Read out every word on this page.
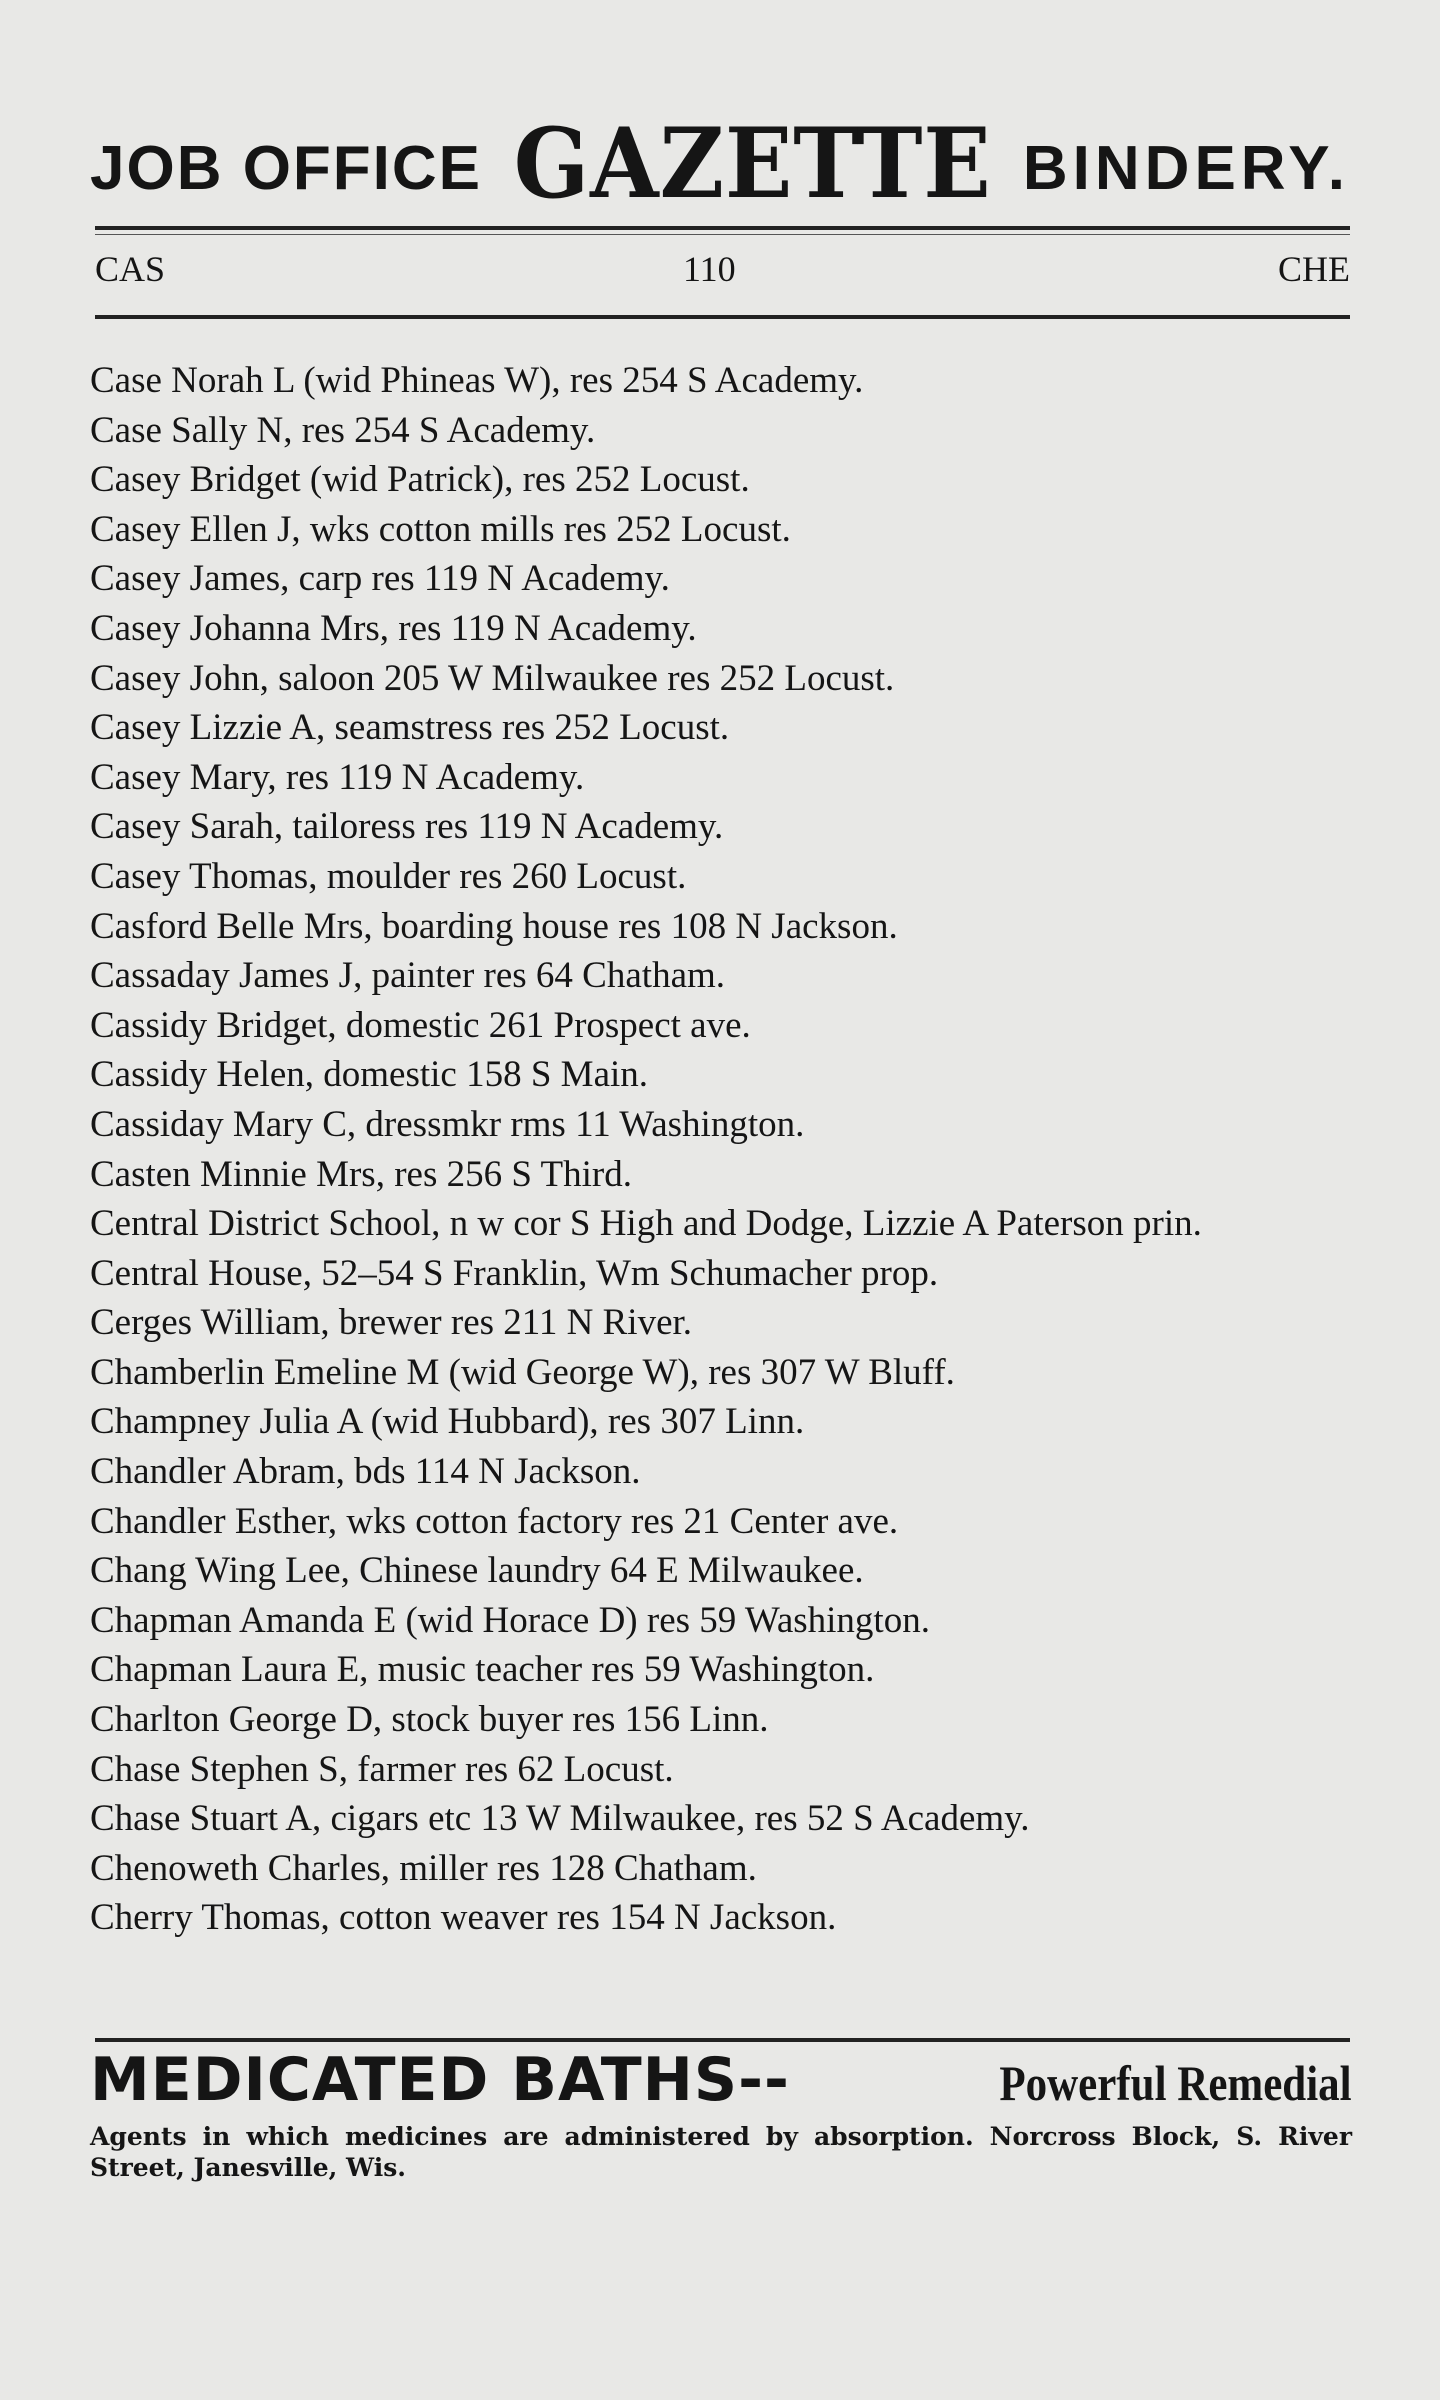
JOB OFFICE GAZETTE BINDERY.
CAS	110	CHE
Case Norah L (wid Phineas W), res 254 S Academy.
Case Sally N, res 254 S Academy.
Casey Bridget (wid Patrick), res 252 Locust.
Casey Ellen J, wks cotton mills res 252 Locust.
Casey James, carp res 119 N Academy.
Casey Johanna Mrs, res 119 N Academy.
Casey John, saloon 205 W Milwaukee res 252 Locust.
Casey Lizzie A, seamstress res 252 Locust.
Casey Mary, res 119 N Academy.
Casey Sarah, tailoress res 119 N Academy.
Casey Thomas, moulder res 260 Locust.
Casford Belle Mrs, boarding house res 108 N Jackson.
Cassaday James J, painter res 64 Chatham.
Cassidy Bridget, domestic 261 Prospect ave.
Cassidy Helen, domestic 158 S Main.
Cassiday Mary C, dressmkr rms 11 Washington.
Casten Minnie Mrs, res 256 S Third.
Central District School, n w cor S High and Dodge, Lizzie A Paterson prin.
Central House, 52–54 S Franklin, Wm Schumacher prop.
Cerges William, brewer res 211 N River.
Chamberlin Emeline M (wid George W), res 307 W Bluff.
Champney Julia A (wid Hubbard), res 307 Linn.
Chandler Abram, bds 114 N Jackson.
Chandler Esther, wks cotton factory res 21 Center ave.
Chang Wing Lee, Chinese laundry 64 E Milwaukee.
Chapman Amanda E (wid Horace D) res 59 Washington.
Chapman Laura E, music teacher res 59 Washington.
Charlton George D, stock buyer res 156 Linn.
Chase Stephen S, farmer res 62 Locust.
Chase Stuart A, cigars etc 13 W Milwaukee, res 52 S Academy.
Chenoweth Charles, miller res 128 Chatham.
Cherry Thomas, cotton weaver res 154 N Jackson.
MEDICATED BATHS--	Powerful Remedial
Agents in which medicines are administered by absorption. Norcross Block, S. River Street, Janesville, Wis.
